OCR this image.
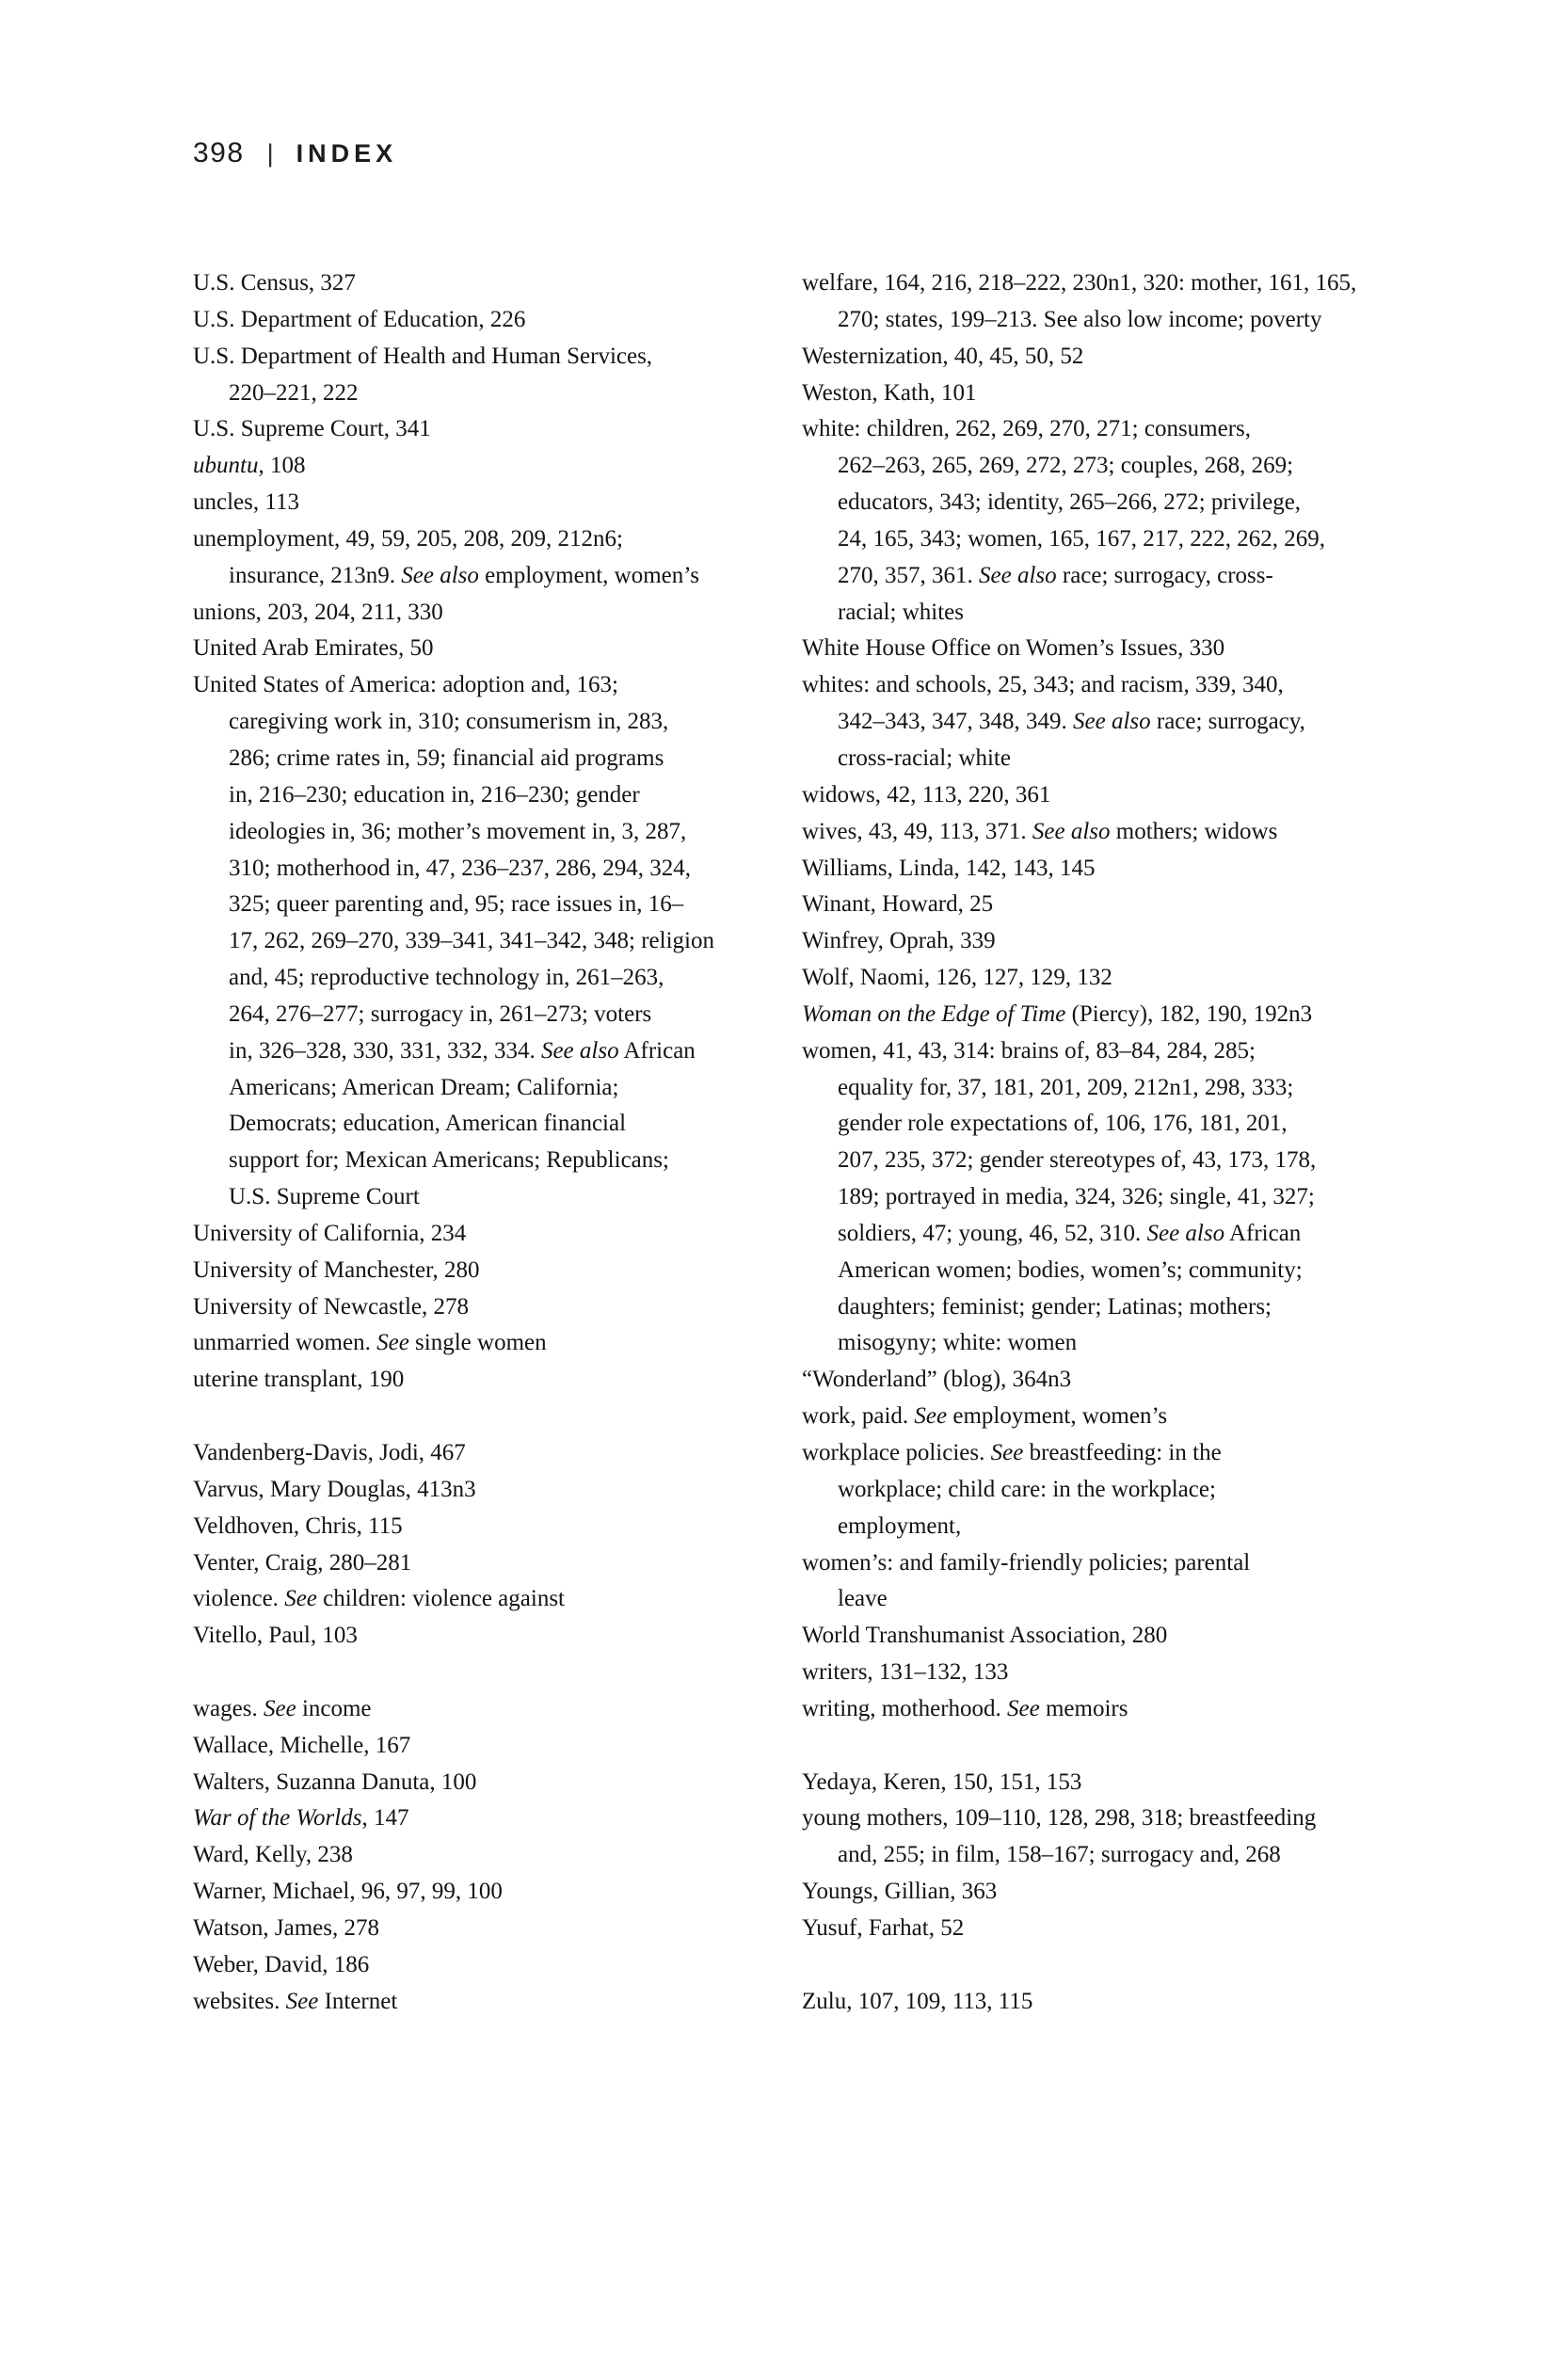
398 | INDEX
U.S. Census, 327
U.S. Department of Education, 226
U.S. Department of Health and Human Services,
220–221, 222
U.S. Supreme Court, 341
ubuntu, 108
uncles, 113
unemployment, 49, 59, 205, 208, 209, 212n6;
insurance, 213n9. See also employment, women’s
unions, 203, 204, 211, 330
United Arab Emirates, 50
United States of America: adoption and, 163;
caregiving work in, 310; consumerism in, 283,
286; crime rates in, 59; financial aid programs
in, 216–230; education in, 216–230; gender
ideologies in, 36; mother’s movement in, 3, 287,
310; motherhood in, 47, 236–237, 286, 294, 324,
325; queer parenting and, 95; race issues in, 16–
17, 262, 269–270, 339–341, 341–342, 348; religion
and, 45; reproductive technology in, 261–263,
264, 276–277; surrogacy in, 261–273; voters
in, 326–328, 330, 331, 332, 334. See also African
Americans; American Dream; California;
Democrats; education, American financial
support for; Mexican Americans; Republicans;
U.S. Supreme Court
University of California, 234
University of Manchester, 280
University of Newcastle, 278
unmarried women. See single women
uterine transplant, 190
Vandenberg-Davis, Jodi, 467
Varvus, Mary Douglas, 413n3
Veldhoven, Chris, 115
Venter, Craig, 280–281
violence. See children: violence against
Vitello, Paul, 103
wages. See income
Wallace, Michelle, 167
Walters, Suzanna Danuta, 100
War of the Worlds, 147
Ward, Kelly, 238
Warner, Michael, 96, 97, 99, 100
Watson, James, 278
Weber, David, 186
websites. See Internet
welfare, 164, 216, 218–222, 230n1, 320: mother, 161, 165,
270; states, 199–213. See also low income; poverty
Westernization, 40, 45, 50, 52
Weston, Kath, 101
white: children, 262, 269, 270, 271; consumers,
262–263, 265, 269, 272, 273; couples, 268, 269;
educators, 343; identity, 265–266, 272; privilege,
24, 165, 343; women, 165, 167, 217, 222, 262, 269,
270, 357, 361. See also race; surrogacy, cross-
racial; whites
White House Office on Women’s Issues, 330
whites: and schools, 25, 343; and racism, 339, 340,
342–343, 347, 348, 349. See also race; surrogacy,
cross-racial; white
widows, 42, 113, 220, 361
wives, 43, 49, 113, 371. See also mothers; widows
Williams, Linda, 142, 143, 145
Winant, Howard, 25
Winfrey, Oprah, 339
Wolf, Naomi, 126, 127, 129, 132
Woman on the Edge of Time (Piercy), 182, 190, 192n3
women, 41, 43, 314: brains of, 83–84, 284, 285;
equality for, 37, 181, 201, 209, 212n1, 298, 333;
gender role expectations of, 106, 176, 181, 201,
207, 235, 372; gender stereotypes of, 43, 173, 178,
189; portrayed in media, 324, 326; single, 41, 327;
soldiers, 47; young, 46, 52, 310. See also African
American women; bodies, women’s; community;
daughters; feminist; gender; Latinas; mothers;
misogyny; white: women
“Wonderland” (blog), 364n3
work, paid. See employment, women’s
workplace policies. See breastfeeding: in the
workplace; child care: in the workplace;
employment,
women’s: and family-friendly policies; parental
leave
World Transhumanist Association, 280
writers, 131–132, 133
writing, motherhood. See memoirs
Yedaya, Keren, 150, 151, 153
young mothers, 109–110, 128, 298, 318; breastfeeding
and, 255; in film, 158–167; surrogacy and, 268
Youngs, Gillian, 363
Yusuf, Farhat, 52
Zulu, 107, 109, 113, 115
